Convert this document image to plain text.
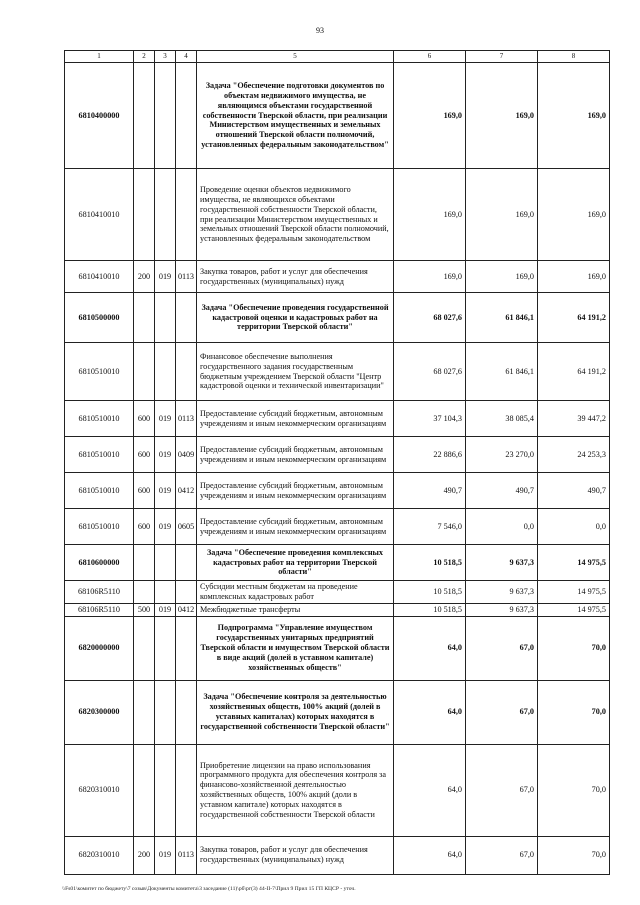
93
1	2	3	4	5	6	7	8
6810400000				Задача "Обеспечение подготовки документов по объектам недвижимого имущества, не являющимся объектами государственной собственности Тверской области, при реализации Министерством имущественных и земельных отношений Тверской области полномочий, установленных федеральным законодательством"	169,0	169,0	169,0
6810410010				Проведение оценки объектов недвижимого имущества, не являющихся объектами государственной собственности Тверской области, при реализации Министерством имущественных и земельных отношений Тверской области полномочий, установленных федеральным законодательством	169,0	169,0	169,0
6810410010	200	019	0113	Закупка товаров, работ и услуг для обеспечения государственных (муниципальных) нужд	169,0	169,0	169,0
6810500000				Задача "Обеспечение проведения государственной кадастровой оценки и кадастровых работ на территории Тверской области"	68 027,6	61 846,1	64 191,2
6810510010				Финансовое обеспечение выполнения государственного задания государственным бюджетным учреждением Тверской области "Центр кадастровой оценки и технической инвентаризации"	68 027,6	61 846,1	64 191,2
6810510010	600	019	0113	Предоставление субсидий бюджетным, автономным учреждениям и иным некоммерческим организациям	37 104,3	38 085,4	39 447,2
6810510010	600	019	0409	Предоставление субсидий бюджетным, автономным учреждениям и иным некоммерческим организациям	22 886,6	23 270,0	24 253,3
6810510010	600	019	0412	Предоставление субсидий бюджетным, автономным учреждениям и иным некоммерческим организациям	490,7	490,7	490,7
6810510010	600	019	0605	Предоставление субсидий бюджетным, автономным учреждениям и иным некоммерческим организациям	7 546,0	0,0	0,0
6810600000				Задача "Обеспечение проведения комплексных кадастровых работ на территории Тверской области"	10 518,5	9 637,3	14 975,5
68106R5110				Субсидии местным бюджетам на проведение комплексных кадастровых работ	10 518,5	9 637,3	14 975,5
68106R5110	500	019	0412	Межбюджетные трансферты	10 518,5	9 637,3	14 975,5
6820000000				Подпрограмма "Управление имуществом государственных унитарных предприятий Тверской области и имуществом Тверской области в виде акций (долей в уставном капитале) хозяйственных обществ"	64,0	67,0	70,0
6820300000				Задача "Обеспечение контроля за деятельностью хозяйственных обществ, 100% акций (долей в уставных капиталах) которых находятся в государственной собственности Тверской области"	64,0	67,0	70,0
6820310010				Приобретение лицензии на право использования программного продукта для обеспечения контроля за финансово-хозяйственной деятельностью хозяйственных обществ, 100% акций (доли в уставном капитале) которых находятся в государственной собственности Тверской области	64,0	67,0	70,0
6820310010	200	019	0113	Закупка товаров, работ и услуг для обеспечения государственных (муниципальных) нужд	64,0	67,0	70,0
\\Fs01\комитет по бюджету\7 созыв\Документы комитета\3 заседание (11)\рб\рг(3) 44-II-7\Прил 9 Прил 15 ГП КЦСР - уточ.
